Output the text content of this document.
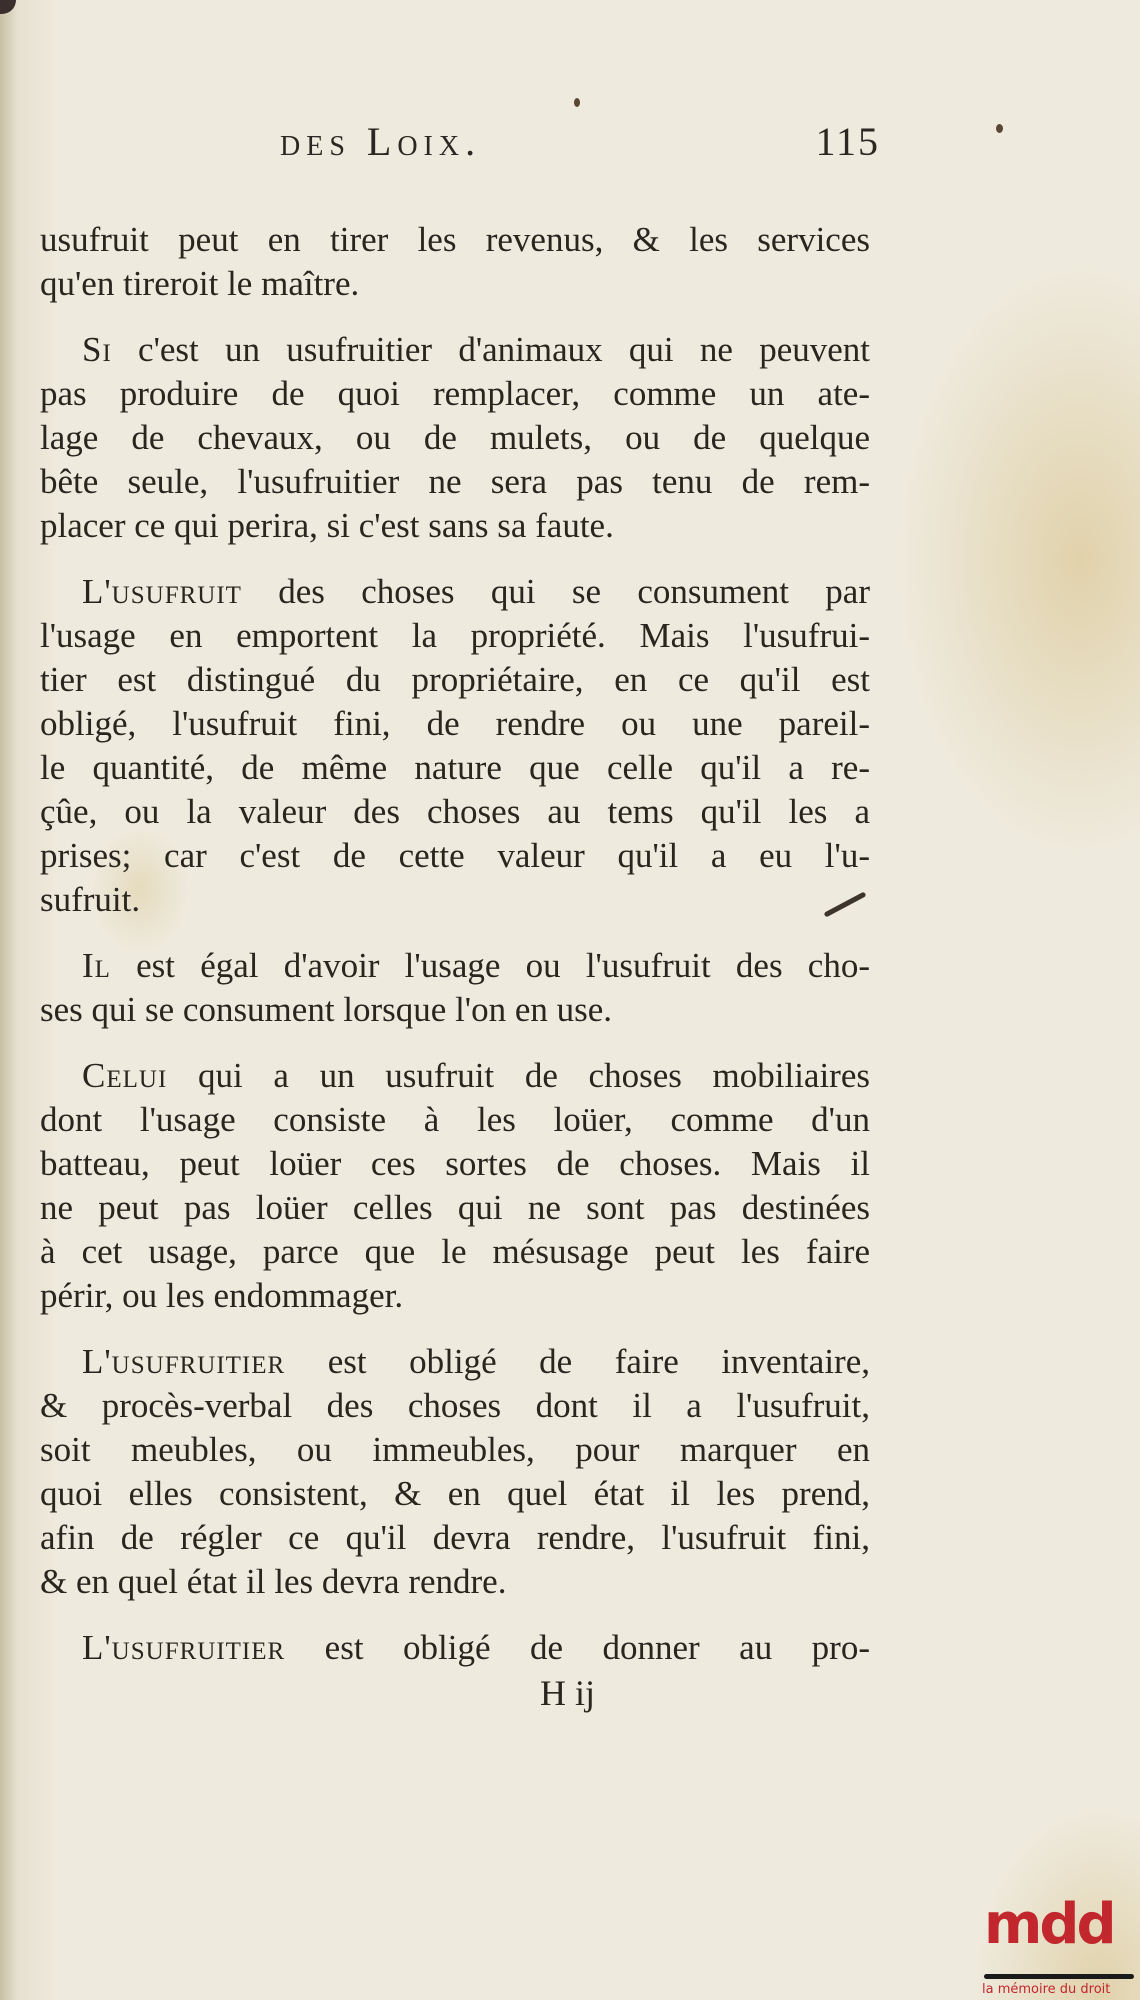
des Loix.	115

usufruit peut en tirer les revenus, & les services
qu'en tireroit le maître.

Si c'est un usufruitier d'animaux qui ne peuvent
pas produire de quoi remplacer, comme un ate-
lage de chevaux, ou de mulets, ou de quelque
bête seule, l'usufruitier ne sera pas tenu de rem-
placer ce qui perira, si c'est sans sa faute.

L'usufruit des choses qui se consument par
l'usage en emportent la propriété. Mais l'usufrui-
tier est distingué du propriétaire, en ce qu'il est
obligé, l'usufruit fini, de rendre ou une pareil-
le quantité, de même nature que celle qu'il a re-
çûe, ou la valeur des choses au tems qu'il les a
prises; car c'est de cette valeur qu'il a eu l'u-
sufruit.

Il est égal d'avoir l'usage ou l'usufruit des cho-
ses qui se consument lorsque l'on en use.

Celui qui a un usufruit de choses mobiliaires
dont l'usage consiste à les loüer, comme d'un
batteau, peut loüer ces sortes de choses. Mais il
ne peut pas loüer celles qui ne sont pas destinées
à cet usage, parce que le mésusage peut les faire
périr, ou les endommager.

L'usufruitier est obligé de faire inventaire,
& procès-verbal des choses dont il a l'usufruit,
soit meubles, ou immeubles, pour marquer en
quoi elles consistent, & en quel état il les prend,
afin de régler ce qu'il devra rendre, l'usufruit fini,
& en quel état il les devra rendre.

L'usufruitier est obligé de donner au pro-

H ij
mdd
la mémoire du droit
